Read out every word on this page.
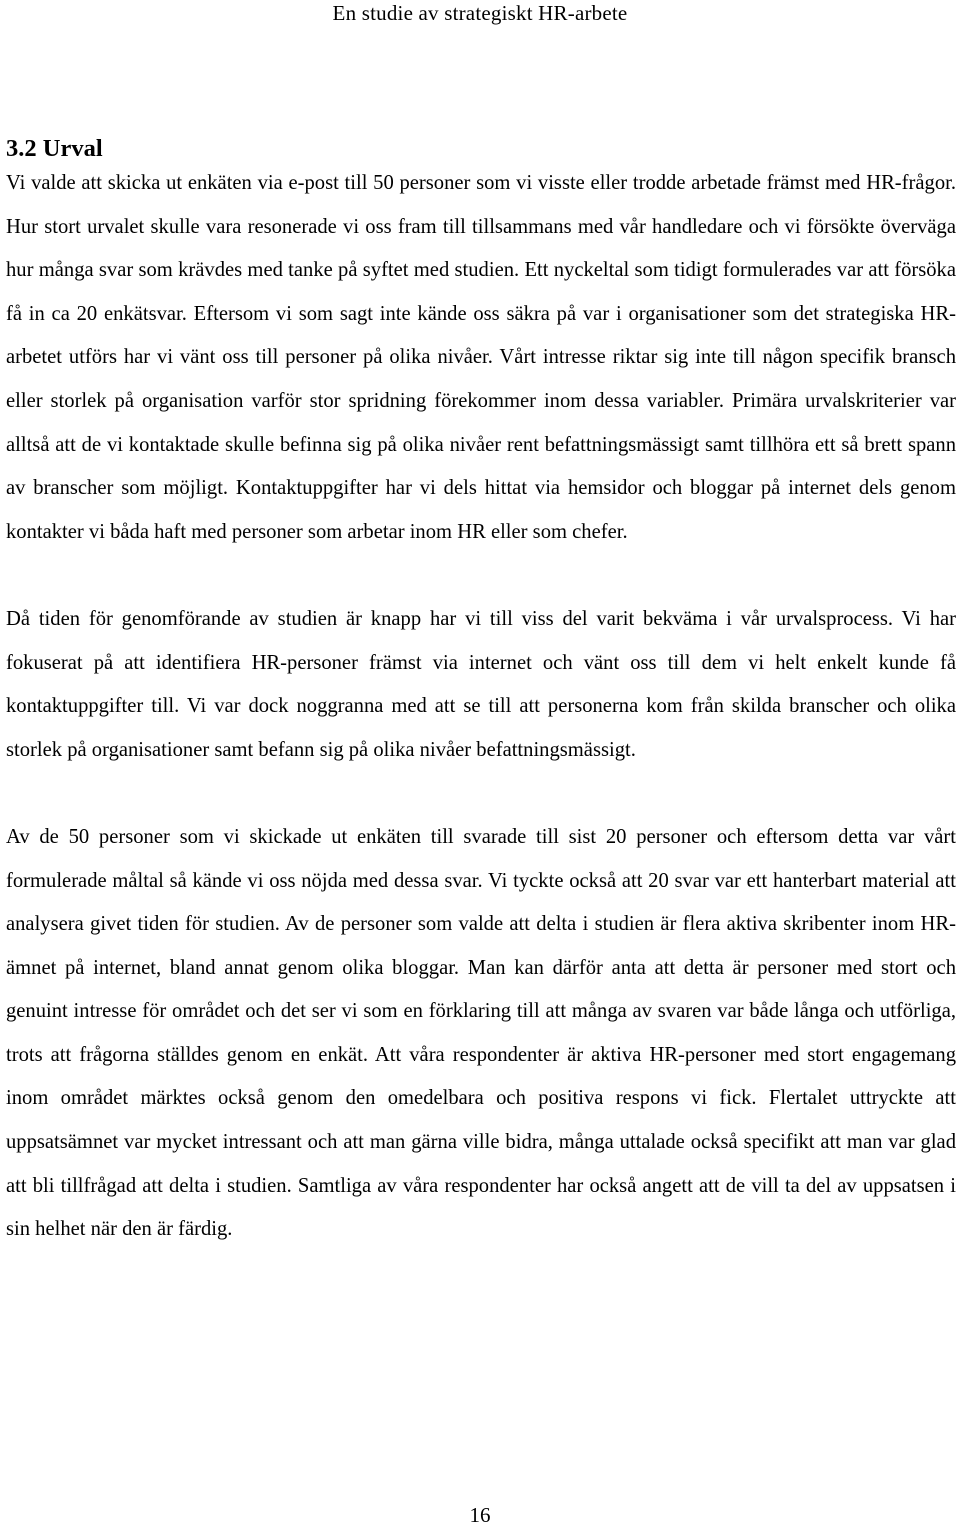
En studie av strategiskt HR-arbete
3.2 Urval

Vi valde att skicka ut enkäten via e-post till 50 personer som vi visste eller trodde arbetade främst med HR-frågor. Hur stort urvalet skulle vara resonerade vi oss fram till tillsammans med vår handledare och vi försökte överväga hur många svar som krävdes med tanke på syftet med studien. Ett nyckeltal som tidigt formulerades var att försöka få in ca 20 enkätsvar. Eftersom vi som sagt inte kände oss säkra på var i organisationer som det strategiska HR-arbetet utförs har vi vänt oss till personer på olika nivåer. Vårt intresse riktar sig inte till någon specifik bransch eller storlek på organisation varför stor spridning förekommer inom dessa variabler. Primära urvalskriterier var alltså att de vi kontaktade skulle befinna sig på olika nivåer rent befattningsmässigt samt tillhöra ett så brett spann av branscher som möjligt. Kontaktuppgifter har vi dels hittat via hemsidor och bloggar på internet dels genom kontakter vi båda haft med personer som arbetar inom HR eller som chefer.

Då tiden för genomförande av studien är knapp har vi till viss del varit bekväma i vår urvalsprocess. Vi har fokuserat på att identifiera HR-personer främst via internet och vänt oss till dem vi helt enkelt kunde få kontaktuppgifter till. Vi var dock noggranna med att se till att personerna kom från skilda branscher och olika storlek på organisationer samt befann sig på olika nivåer befattningsmässigt.

Av de 50 personer som vi skickade ut enkäten till svarade till sist 20 personer och eftersom detta var vårt formulerade måltal så kände vi oss nöjda med dessa svar. Vi tyckte också att 20 svar var ett hanterbart material att analysera givet tiden för studien. Av de personer som valde att delta i studien är flera aktiva skribenter inom HR-ämnet på internet, bland annat genom olika bloggar. Man kan därför anta att detta är personer med stort och genuint intresse för området och det ser vi som en förklaring till att många av svaren var både långa och utförliga, trots att frågorna ställdes genom en enkät. Att våra respondenter är aktiva HR-personer med stort engagemang inom området märktes också genom den omedelbara och positiva respons vi fick. Flertalet uttryckte att uppsatsämnet var mycket intressant och att man gärna ville bidra, många uttalade också specifikt att man var glad att bli tillfrågad att delta i studien. Samtliga av våra respondenter har också angett att de vill ta del av uppsatsen i sin helhet när den är färdig.

16
